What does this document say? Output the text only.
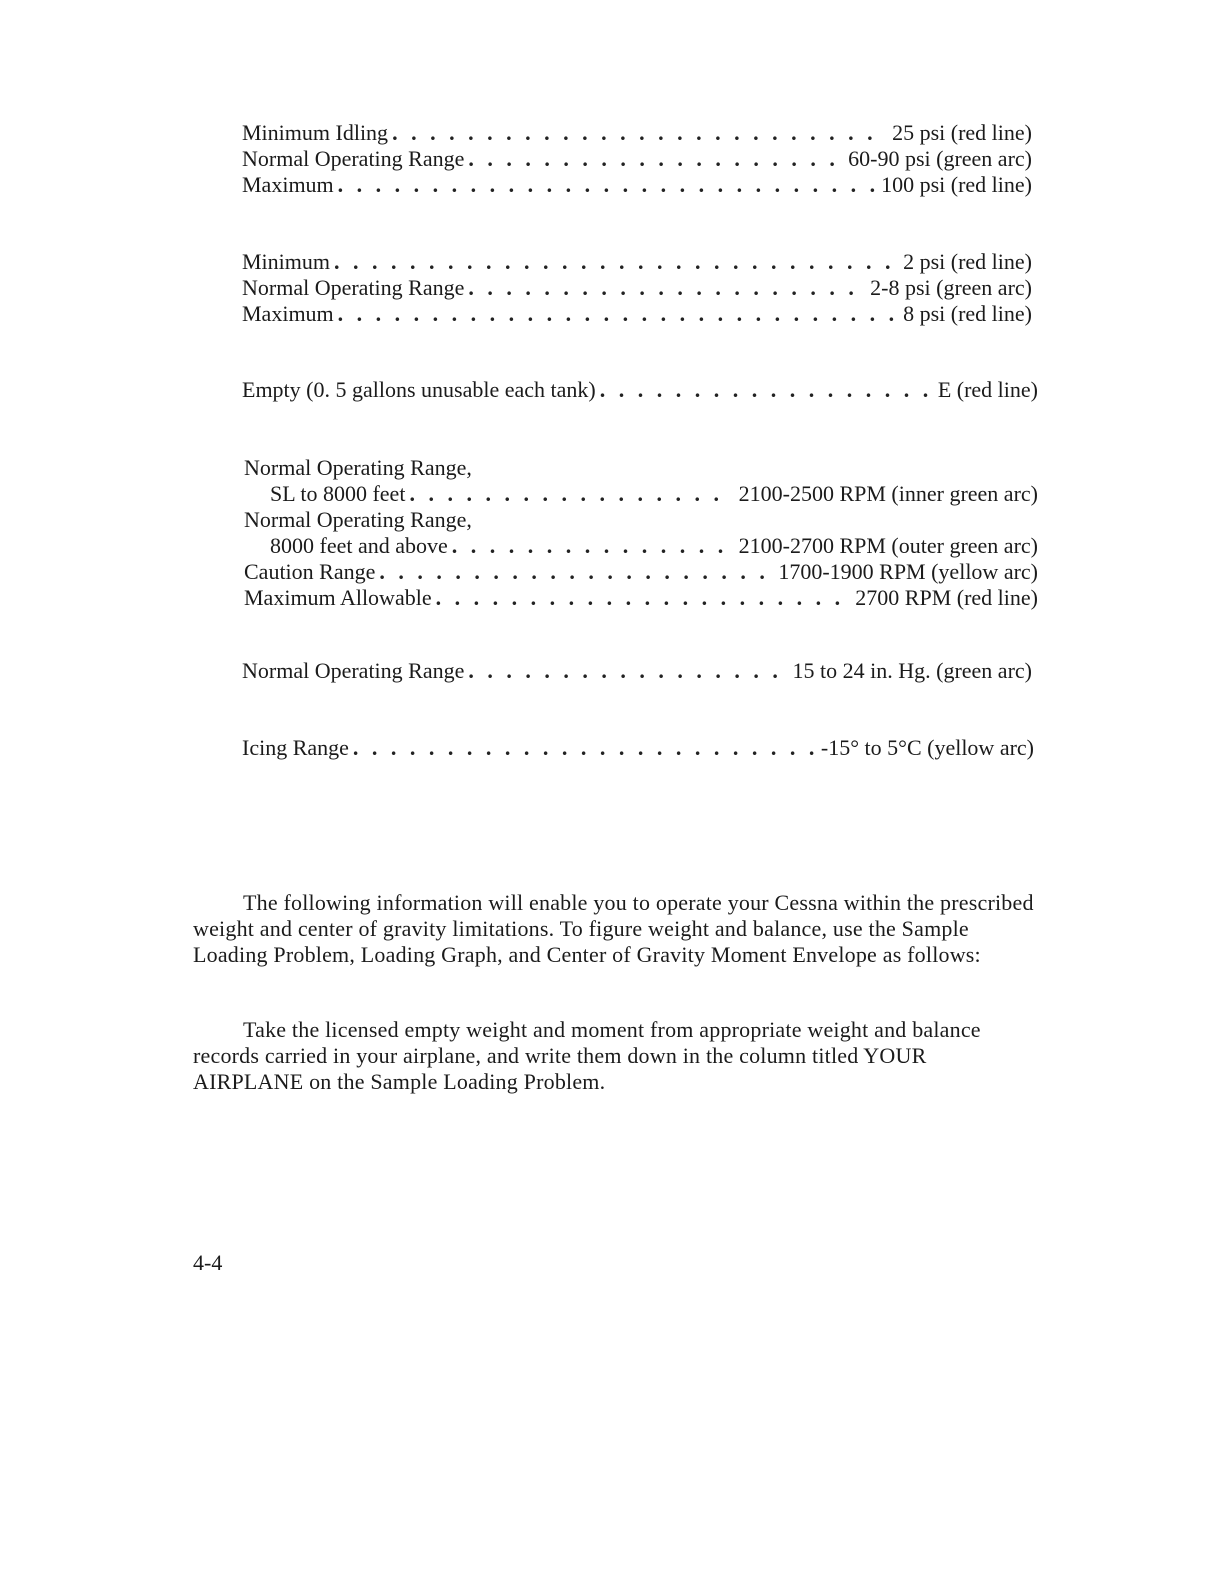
Minimum Idling . . .	25 psi (red line)
Normal Operating Range . . .	60-90 psi (green arc)
Maximum . . .	100 psi (red line)
Minimum . . .	2 psi (red line)
Normal Operating Range . . .	2-8 psi (green arc)
Maximum . . .	8 psi (red line)
Empty (0. 5 gallons unusable each tank) . . .	E (red line)
Normal Operating Range,
SL to 8000 feet . . .	2100-2500 RPM (inner green arc)
Normal Operating Range,
8000 feet and above . . .	2100-2700 RPM (outer green arc)
Caution Range . . .	1700-1900 RPM (yellow arc)
Maximum Allowable . . .	2700 RPM (red line)
Normal Operating Range . . .	15 to 24 in. Hg. (green arc)
Icing Range . . .	-15° to 5°C (yellow arc)
The following information will enable you to operate your Cessna within the prescribed weight and center of gravity limitations. To figure weight and balance, use the Sample Loading Problem, Loading Graph, and Center of Gravity Moment Envelope as follows:
Take the licensed empty weight and moment from appropriate weight and balance records carried in your airplane, and write them down in the column titled YOUR AIRPLANE on the Sample Loading Problem.
4-4
